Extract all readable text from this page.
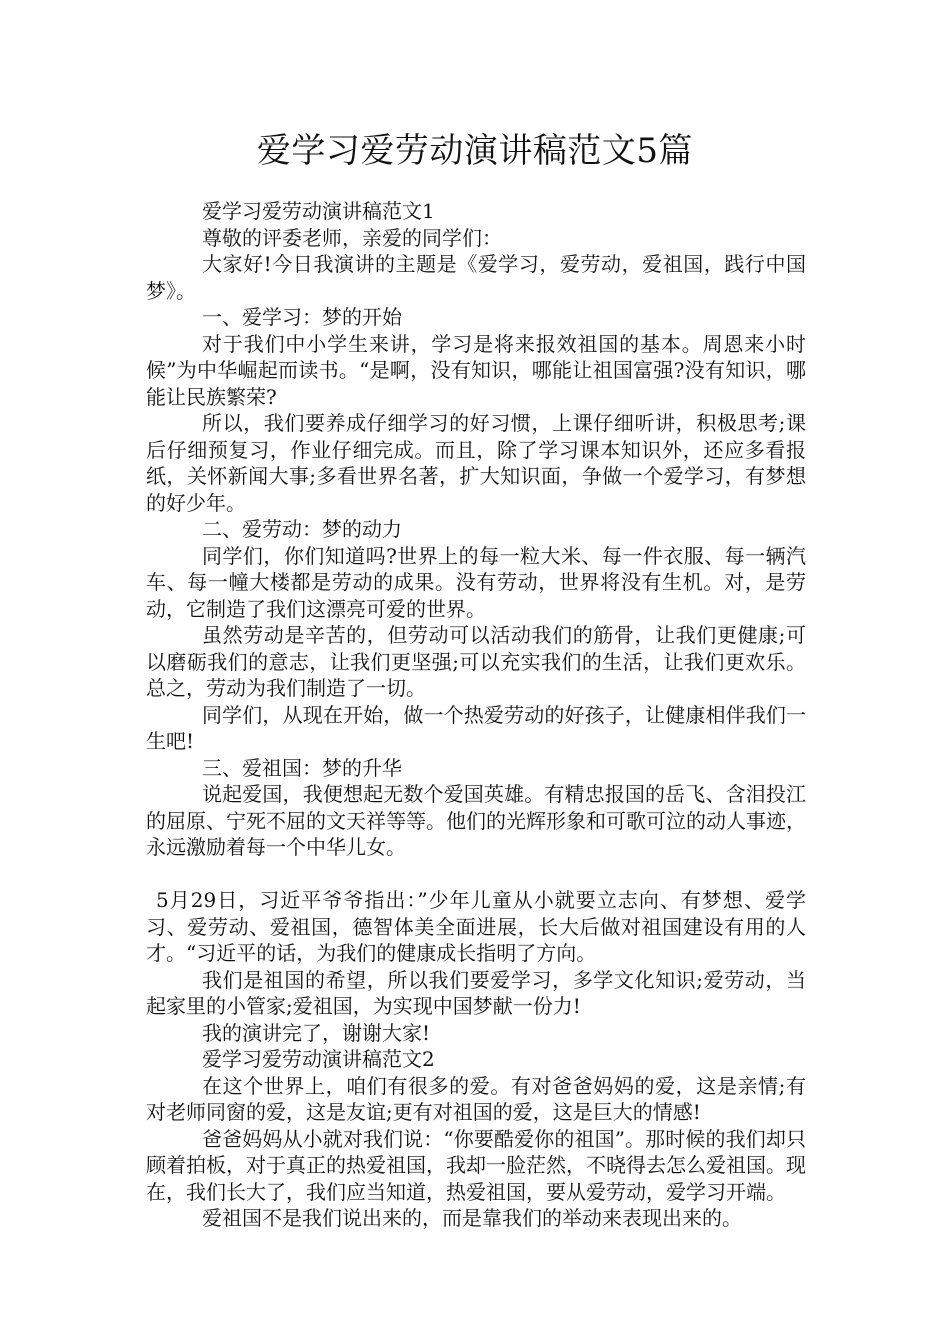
爱学习爱劳动演讲稿范文5篇

爱学习爱劳动演讲稿范文1

尊敬的评委老师，亲爱的同学们：

大家好!今日我演讲的主题是《爱学习，爱劳动，爱祖国，践行中国梦》。

一、爱学习：梦的开始

对于我们中小学生来讲，学习是将来报效祖国的基本。周恩来小时候”为中华崛起而读书。“是啊，没有知识，哪能让祖国富强?没有知识，哪能让民族繁荣?

所以，我们要养成仔细学习的好习惯，上课仔细听讲，积极思考;课后仔细预复习，作业仔细完成。而且，除了学习课本知识外，还应多看报纸，关怀新闻大事;多看世界名著，扩大知识面，争做一个爱学习，有梦想的好少年。

二、爱劳动：梦的动力

同学们，你们知道吗?世界上的每一粒大米、每一件衣服、每一辆汽车、每一幢大楼都是劳动的成果。没有劳动，世界将没有生机。对，是劳动，它制造了我们这漂亮可爱的世界。

虽然劳动是辛苦的，但劳动可以活动我们的筋骨，让我们更健康;可以磨砺我们的意志，让我们更坚强;可以充实我们的生活，让我们更欢乐。总之，劳动为我们制造了一切。

同学们，从现在开始，做一个热爱劳动的好孩子，让健康相伴我们一生吧!

三、爱祖国：梦的升华

说起爱国，我便想起无数个爱国英雄。有精忠报国的岳飞、含泪投江的屈原、宁死不屈的文天祥等等。他们的光辉形象和可歌可泣的动人事迹，永远激励着每一个中华儿女。

5月29日，习近平爷爷指出：”少年儿童从小就要立志向、有梦想、爱学习、爱劳动、爱祖国，德智体美全面进展，长大后做对祖国建设有用的人才。“习近平的话，为我们的健康成长指明了方向。

我们是祖国的希望，所以我们要爱学习，多学文化知识;爱劳动，当起家里的小管家;爱祖国，为实现中国梦献一份力!

我的演讲完了，谢谢大家!

爱学习爱劳动演讲稿范文2

在这个世界上，咱们有很多的爱。有对爸爸妈妈的爱，这是亲情;有对老师同窗的爱，这是友谊;更有对祖国的爱，这是巨大的情感!

爸爸妈妈从小就对我们说：“你要酷爱你的祖国”。那时候的我们却只顾着拍板，对于真正的热爱祖国，我却一脸茫然，不晓得去怎么爱祖国。现在，我们长大了，我们应当知道，热爱祖国，要从爱劳动，爱学习开端。

爱祖国不是我们说出来的，而是靠我们的举动来表现出来的。
